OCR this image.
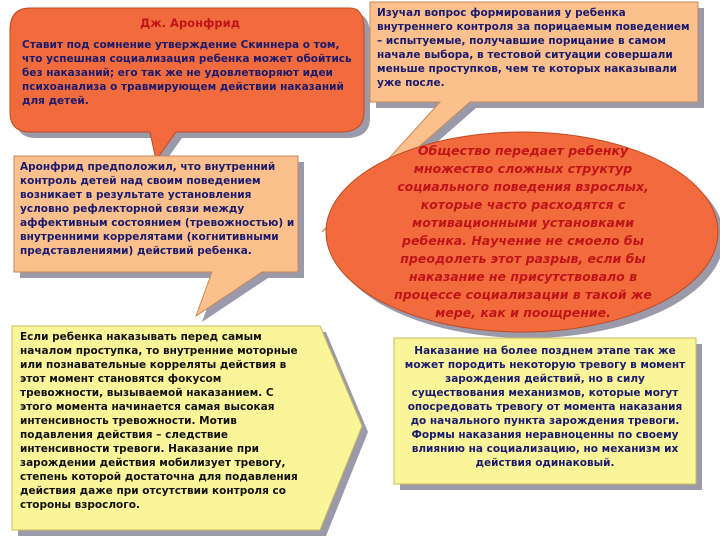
Дж. Аронфрид
Ставит под сомнение утверждение Скиннера о том, что успешная социализация ребенка может обойтись без наказаний; его так же не удовлетворяют идеи психоанализа о травмирующем действии наказаний для детей.
Изучал вопрос формирования у ребенка внутреннего контроля за порицаемым поведением – испытуемые, получавшие порицание в самом начале выбора, в тестовой ситуации совершали меньше проступков, чем те которых наказывали уже после.
Аронфрид предположил, что внутренний контроль детей над своим поведением возникает в результате установления условно рефлекторной связи между аффективным состоянием (тревожностью) и внутренними коррелятами (когнитивными представлениями) действий ребенка.
Общество передает ребенку множество сложных структур социального поведения взрослых, которые часто расходятся с мотивационными установками ребенка. Научение не смоело бы преодолеть этот разрыв, если бы наказание не присутствовало в процессе социализации в такой же мере, как и поощрение.
Если ребенка наказывать перед самым началом проступка, то внутренние моторные или познавательные корреляты действия в этот момент становятся фокусом тревожности, вызываемой наказанием. С этого момента начинается самая высокая интенсивность тревожности. Мотив подавления действия – следствие интенсивности тревоги. Наказание при зарождении действия мобилизует тревогу, степень которой достаточна для подавления действия даже при отсутствии контроля со стороны взрослого.
Наказание на более позднем этапе так же может породить некоторую тревогу в момент зарождения действий, но в силу существования механизмов, которые могут опосредовать тревогу от момента наказания до начального пункта зарождения тревоги. Формы наказания неравноценны по своему влиянию на социализацию, но механизм их действия одинаковый.
